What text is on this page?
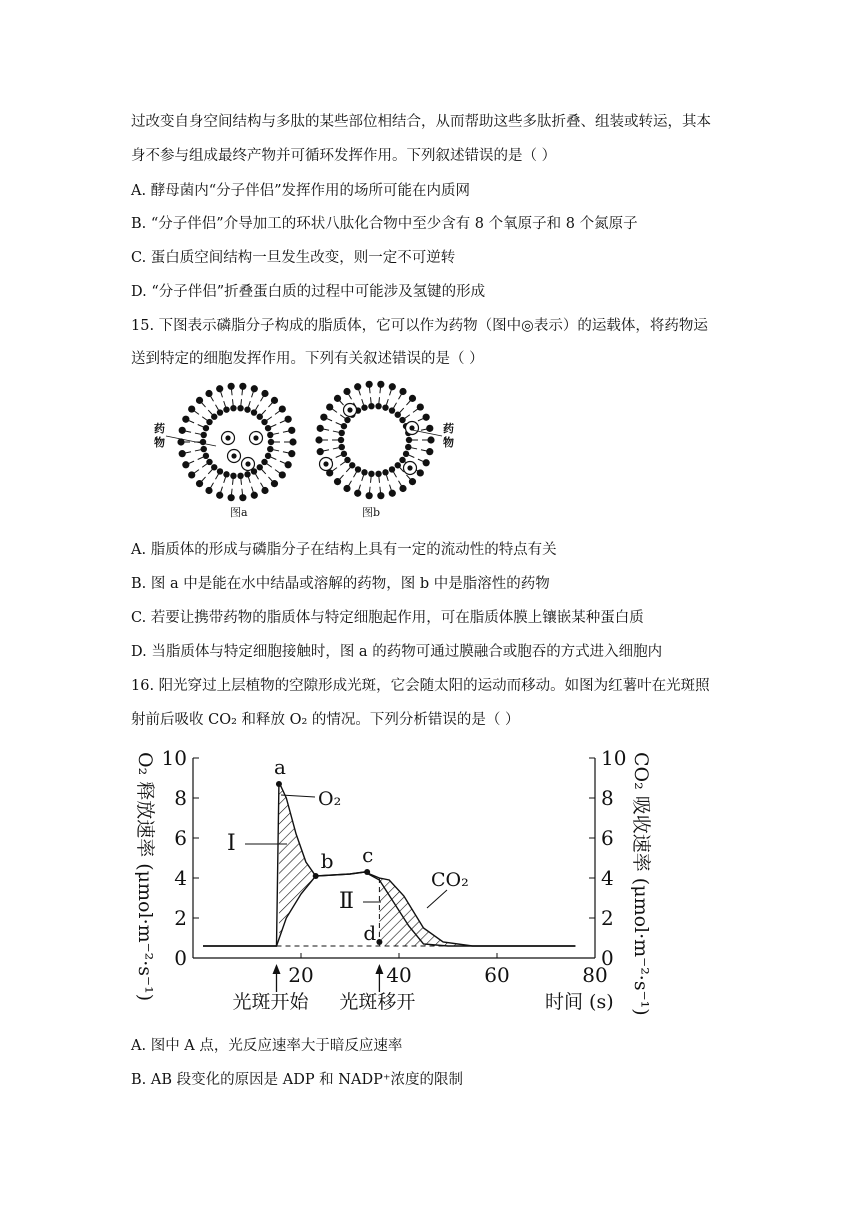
过改变自身空间结构与多肽的某些部位相结合，从而帮助这些多肽折叠、组装或转运，其本
身不参与组成最终产物并可循环发挥作用。下列叙述错误的是（ ）
A. 酵母菌内“分子伴侣”发挥作用的场所可能在内质网
B. “分子伴侣”介导加工的环状八肽化合物中至少含有 8 个氧原子和 8 个氮原子
C. 蛋白质空间结构一旦发生改变，则一定不可逆转
D. “分子伴侣”折叠蛋白质的过程中可能涉及氢键的形成
15. 下图表示磷脂分子构成的脂质体，它可以作为药物（图中◎表示）的运载体，将药物运
送到特定的细胞发挥作用。下列有关叙述错误的是（ ）
药
物
药
物
图a	图b
A. 脂质体的形成与磷脂分子在结构上具有一定的流动性的特点有关
B. 图 a 中是能在水中结晶或溶解的药物，图 b 中是脂溶性的药物
C. 若要让携带药物的脂质体与特定细胞起作用，可在脂质体膜上镶嵌某种蛋白质
D. 当脂质体与特定细胞接触时，图 a 的药物可通过膜融合或胞吞的方式进入细胞内
16. 阳光穿过上层植物的空隙形成光斑，它会随太阳的运动而移动。如图为红薯叶在光斑照
射前后吸收 CO₂ 和释放 O₂ 的情况。下列分析错误的是（ ）
0
2
4
6
8
10
0
2
4
6
8
10
20	40	60	80
O₂ 释放速率 (μmol·m⁻²·s⁻¹)	CO₂ 吸收速率 (μmol·m⁻²·s⁻¹)
时间 (s)
a
b c
d
O₂
CO₂
Ⅰ
Ⅱ
光斑开始 光斑移开
A. 图中 A 点，光反应速率大于暗反应速率
B. AB 段变化的原因是 ADP 和 NADP⁺浓度的限制
